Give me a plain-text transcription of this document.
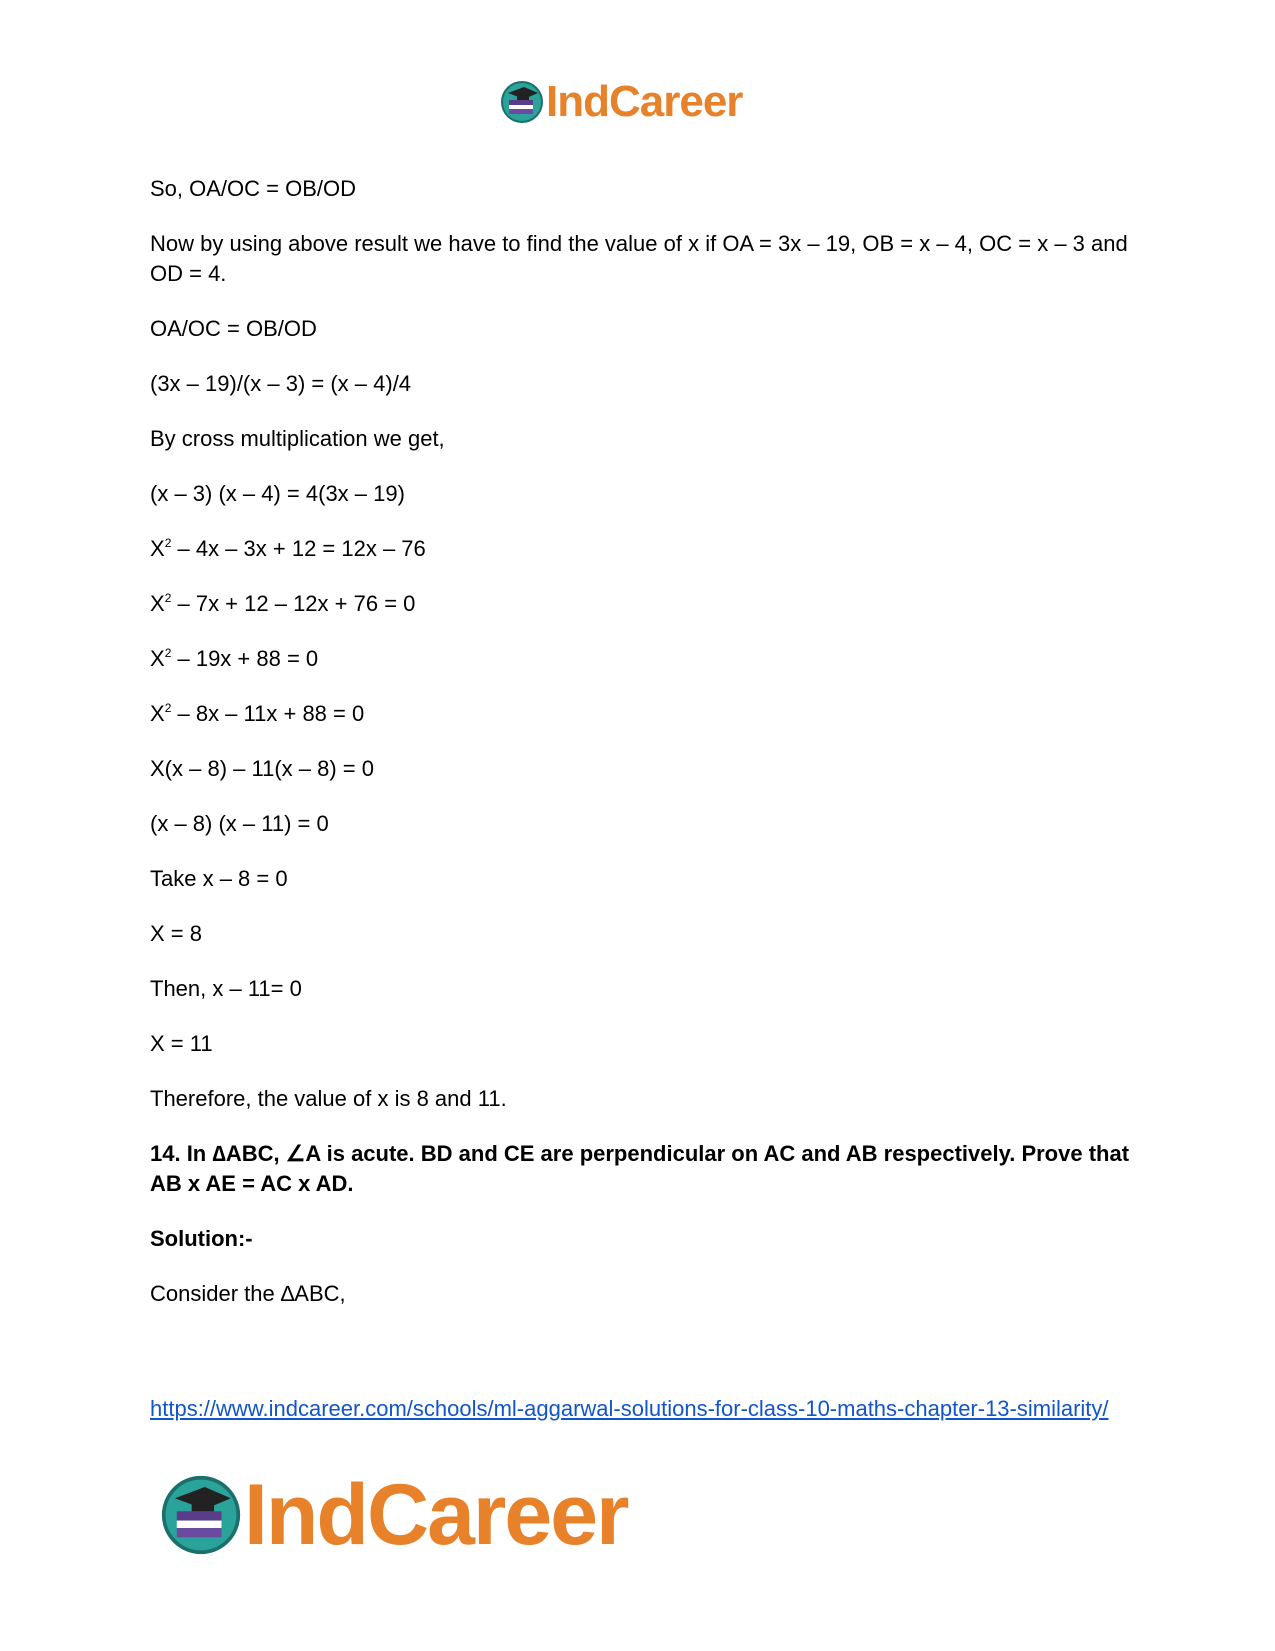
IndCareer

So, OA/OC = OB/OD

Now by using above result we have to find the value of x if OA = 3x – 19, OB = x – 4, OC = x – 3 and OD = 4.

OA/OC = OB/OD

(3x – 19)/(x – 3) = (x – 4)/4

By cross multiplication we get,

(x – 3) (x – 4) = 4(3x – 19)

$X^2 - 4x - 3x + 12 = 12x - 76$

$X^2 - 7x + 12 - 12x + 76 = 0$

$X^2 - 19x + 88 = 0$

$X^2 - 8x - 11x + 88 = 0$

X(x – 8) – 11(x – 8) = 0

(x – 8) (x – 11) = 0

Take x – 8 = 0

X = 8

Then, x – 11= 0

X = 11

Therefore, the value of x is 8 and 11.

14. In ∆ABC, ∠A is acute. BD and CE are perpendicular on AC and AB respectively. Prove that AB x AE = AC x AD.

Solution:-

Consider the ∆ABC,

https://www.indcareer.com/schools/ml-aggarwal-solutions-for-class-10-maths-chapter-13-similarity/
IndCareer
